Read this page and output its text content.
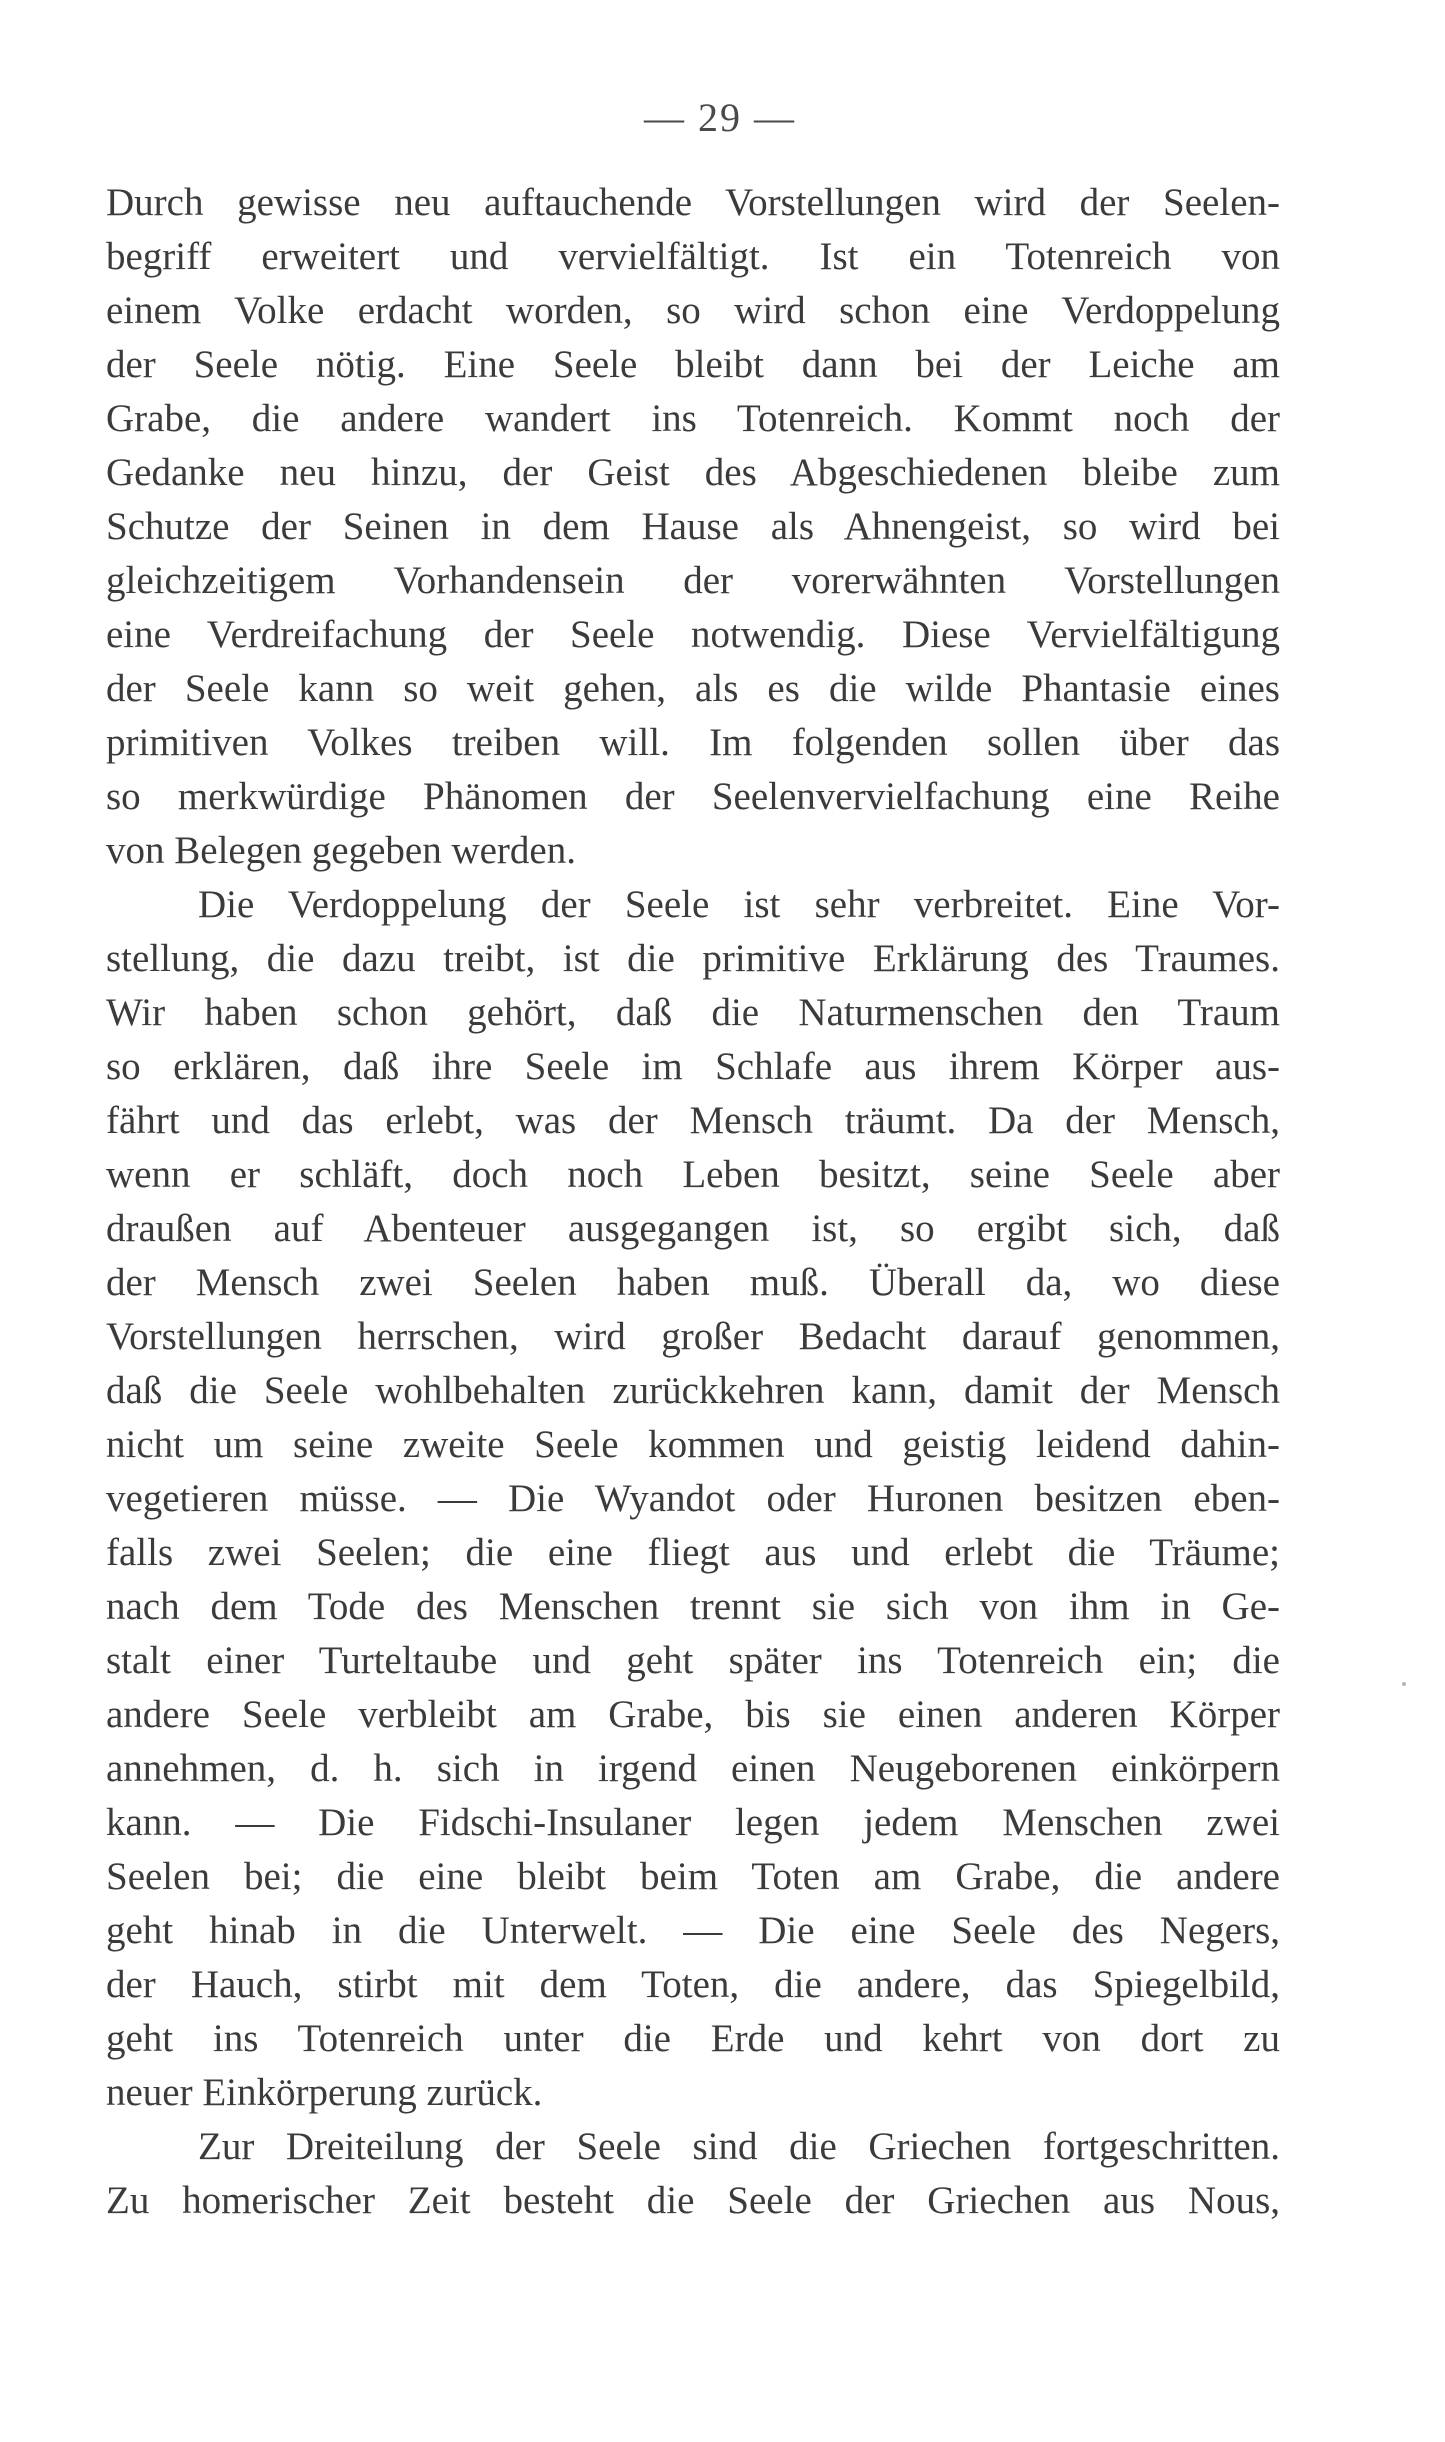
— 29 —
Durch gewisse neu auftauchende Vorstellungen wird der Seelen-
begriff erweitert und vervielfältigt. Ist ein Totenreich von
einem Volke erdacht worden, so wird schon eine Verdoppelung
der Seele nötig. Eine Seele bleibt dann bei der Leiche am
Grabe, die andere wandert ins Totenreich. Kommt noch der
Gedanke neu hinzu, der Geist des Abgeschiedenen bleibe zum
Schutze der Seinen in dem Hause als Ahnengeist, so wird bei
gleichzeitigem Vorhandensein der vorerwähnten Vorstellungen
eine Verdreifachung der Seele notwendig. Diese Vervielfältigung
der Seele kann so weit gehen, als es die wilde Phantasie eines
primitiven Volkes treiben will. Im folgenden sollen über das
so merkwürdige Phänomen der Seelenvervielfachung eine Reihe
von Belegen gegeben werden.
Die Verdoppelung der Seele ist sehr verbreitet. Eine Vor-
stellung, die dazu treibt, ist die primitive Erklärung des Traumes.
Wir haben schon gehört, daß die Naturmenschen den Traum
so erklären, daß ihre Seele im Schlafe aus ihrem Körper aus-
fährt und das erlebt, was der Mensch träumt. Da der Mensch,
wenn er schläft, doch noch Leben besitzt, seine Seele aber
draußen auf Abenteuer ausgegangen ist, so ergibt sich, daß
der Mensch zwei Seelen haben muß. Überall da, wo diese
Vorstellungen herrschen, wird großer Bedacht darauf genommen,
daß die Seele wohlbehalten zurückkehren kann, damit der Mensch
nicht um seine zweite Seele kommen und geistig leidend dahin-
vegetieren müsse. — Die Wyandot oder Huronen besitzen eben-
falls zwei Seelen; die eine fliegt aus und erlebt die Träume;
nach dem Tode des Menschen trennt sie sich von ihm in Ge-
stalt einer Turteltaube und geht später ins Totenreich ein; die
andere Seele verbleibt am Grabe, bis sie einen anderen Körper
annehmen, d. h. sich in irgend einen Neugeborenen einkörpern
kann. — Die Fidschi-Insulaner legen jedem Menschen zwei
Seelen bei; die eine bleibt beim Toten am Grabe, die andere
geht hinab in die Unterwelt. — Die eine Seele des Negers,
der Hauch, stirbt mit dem Toten, die andere, das Spiegelbild,
geht ins Totenreich unter die Erde und kehrt von dort zu
neuer Einkörperung zurück.
Zur Dreiteilung der Seele sind die Griechen fortgeschritten.
Zu homerischer Zeit besteht die Seele der Griechen aus Nous,
